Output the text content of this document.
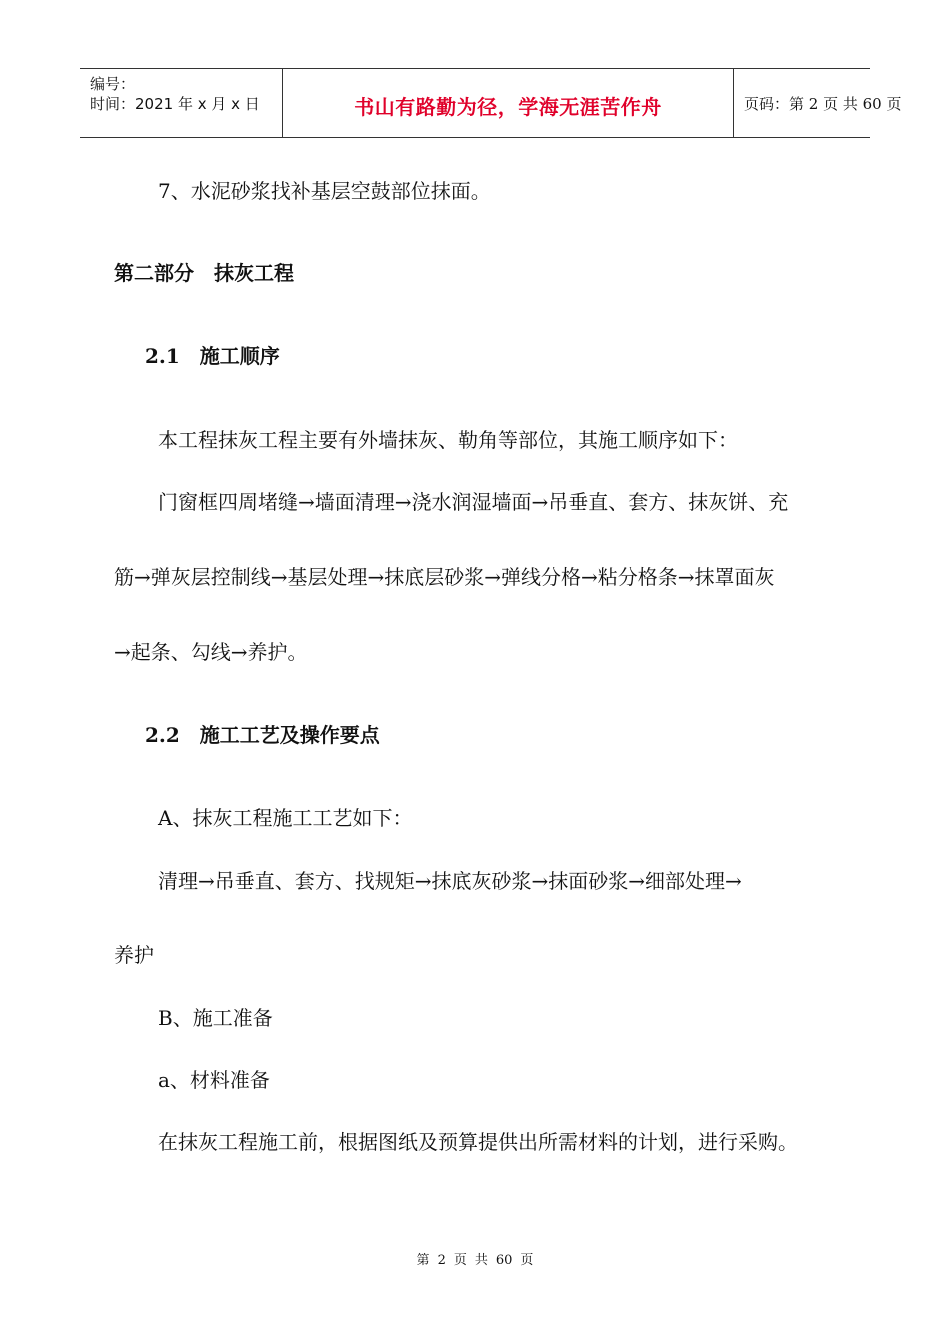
编号：
时间：2021 年 x 月 x 日	书山有路勤为径，学海无涯苦作舟	页码：第 2 页 共 60 页
7、水泥砂浆找补基层空鼓部位抹面。
第二部分　抹灰工程
2.1　施工顺序
本工程抹灰工程主要有外墙抹灰、勒角等部位，其施工顺序如下：
门窗框四周堵缝→墙面清理→浇水润湿墙面→吊垂直、套方、抹灰饼、充
筋→弹灰层控制线→基层处理→抹底层砂浆→弹线分格→粘分格条→抹罩面灰
→起条、勾线→养护。
2.2　施工工艺及操作要点
A、抹灰工程施工工艺如下：
清理→吊垂直、套方、找规矩→抹底灰砂浆→抹面砂浆→细部处理→
养护
B、施工准备
a、材料准备
在抹灰工程施工前，根据图纸及预算提供出所需材料的计划，进行采购。
第 2 页 共 60 页
